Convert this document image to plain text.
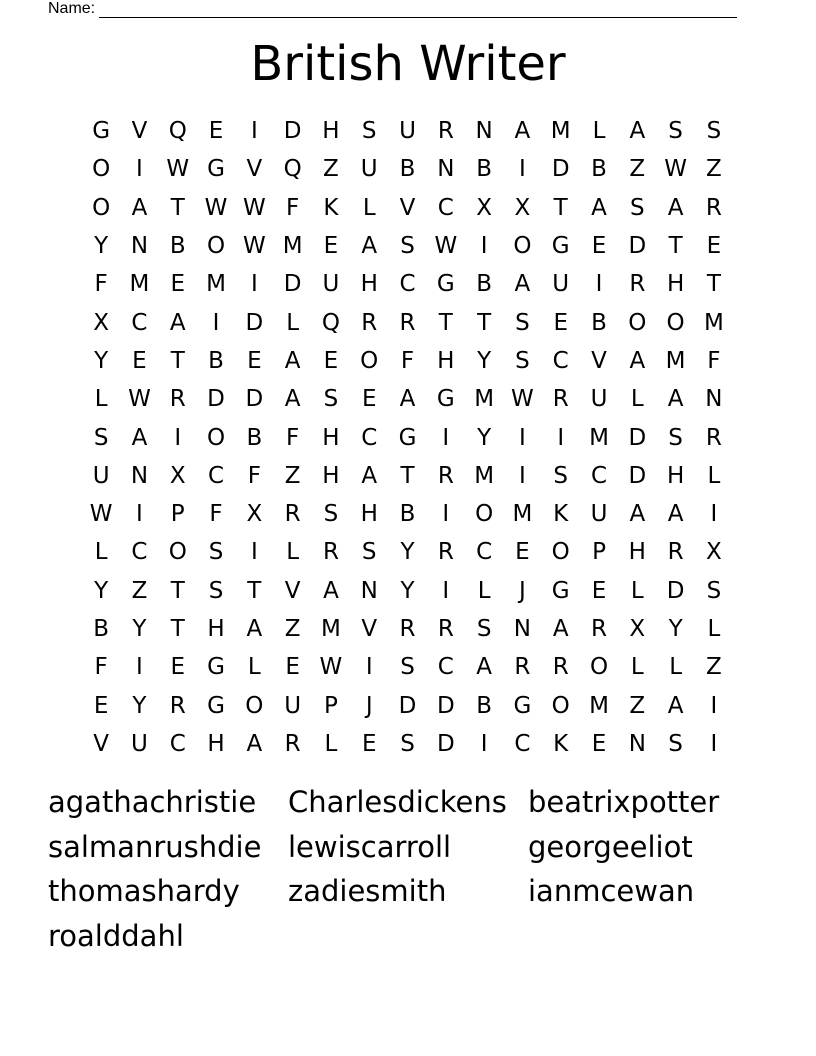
Name:
British Writer
G V Q E	I	D H S U R N A M L	A	S	S
O	I	W G V Q Z U B N B	I	D B Z W Z
O A	T W W F	K	L	V C X X	T	A	S	A R
Y N B O W M E	A	S W	I	O G E D T	E
F M E M	I	D U H C G B A U	I	R H T
X C A	I	D	L Q R R	T	T	S	E	B O O M
Y	E	T	B	E	A	E O F	H Y	S C V A M F
L W R D D A	S	E	A G M W R U	L	A N
S	A	I	O B	F	H C G	I	Y	I	I	M D S	R
U N X C	F	Z H A	T	R M	I	S C D H	L
W	I	P	F	X R	S H B	I	O M K U A A	I
L	C O S	I	L	R	S	Y	R C	E O P H R X
Y	Z	T	S	T	V A N Y	I	L	J	G E	L	D S
B	Y	T H A Z M V R R	S N A R X	Y	L
F	I	E G L	E W	I	S C A R R O L	L	Z
E	Y	R G O U P	J	D D B G O M Z A	I
V U C H A R	L	E	S D	I	C K	E N S	I
agathachristie	Charlesdickens beatrixpotter
salmanrushdie lewiscarroll	georgeeliot
thomashardy	zadiesmith	ianmcewan
roalddahl
